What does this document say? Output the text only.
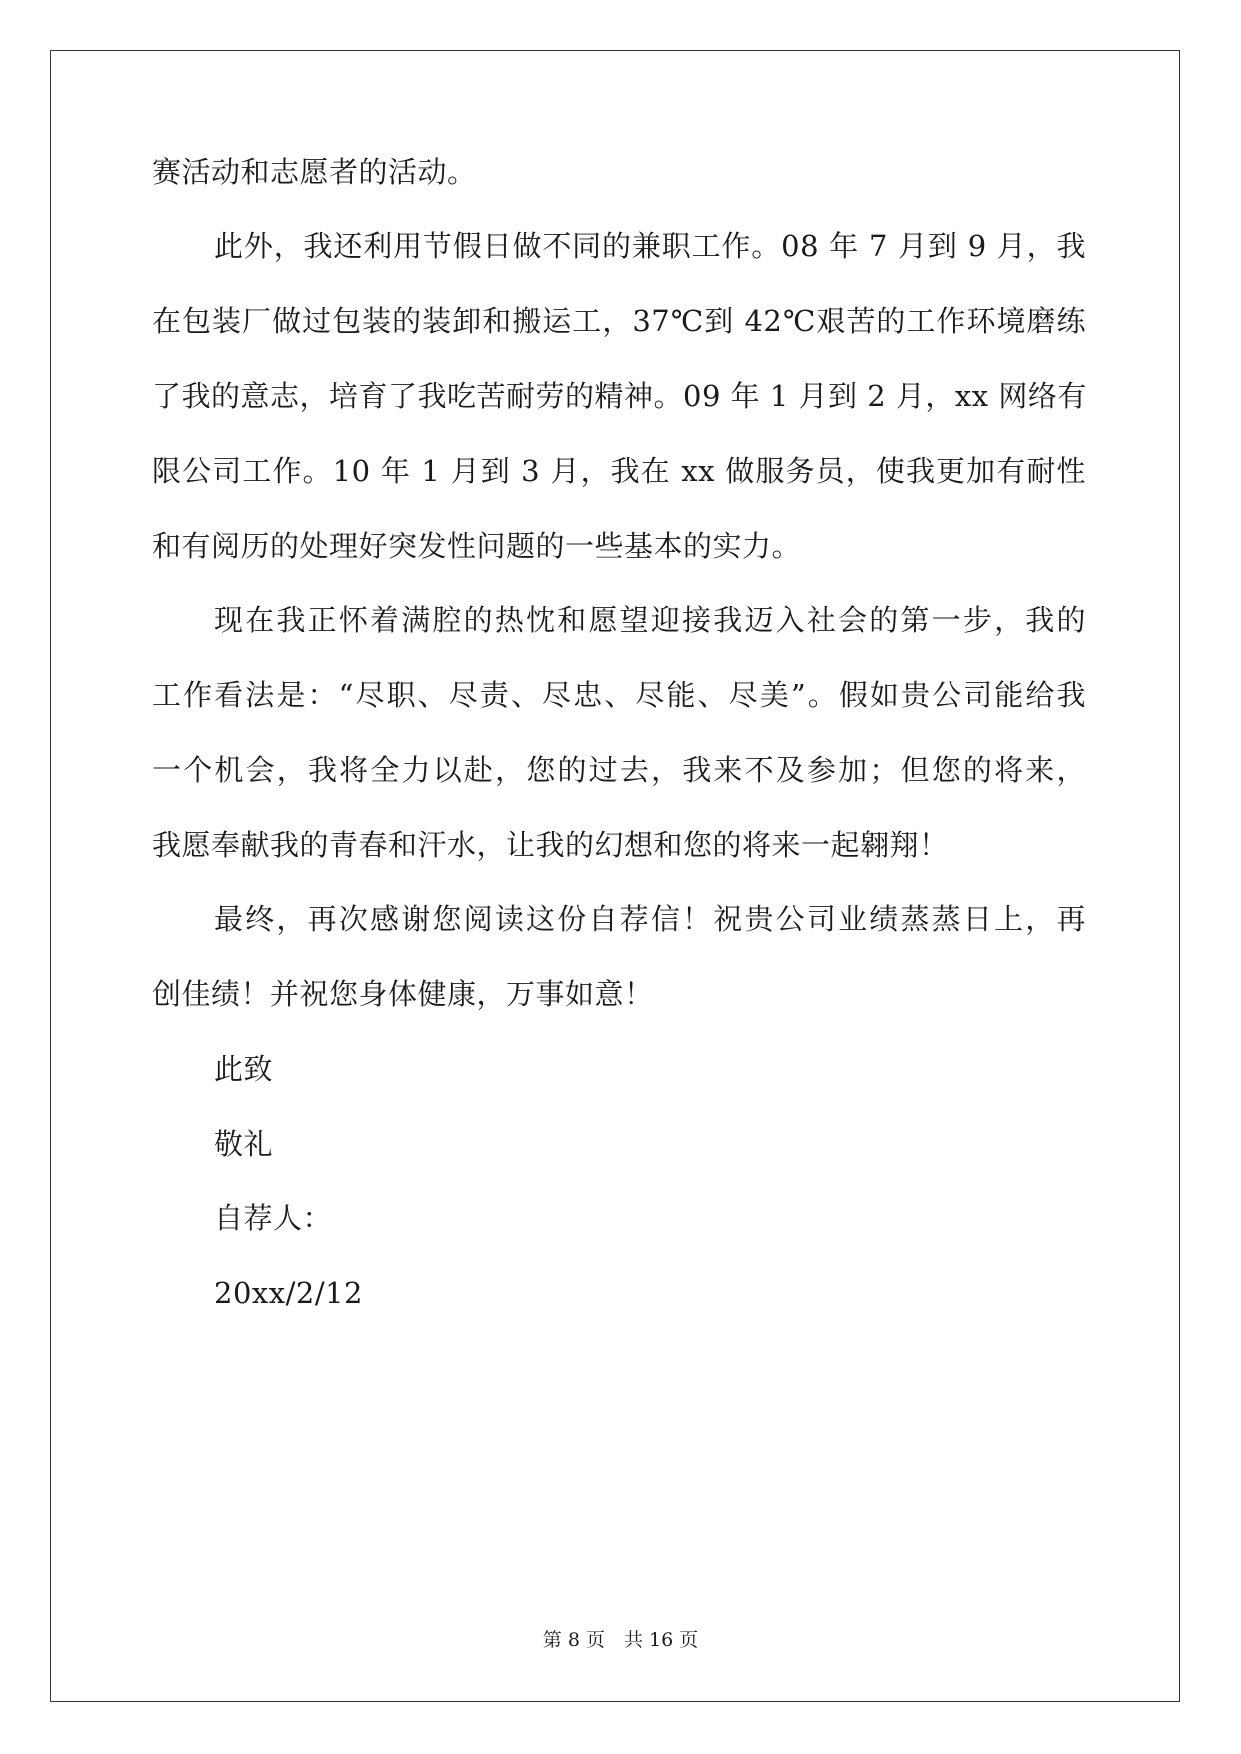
赛活动和志愿者的活动。
此外，我还利用节假日做不同的兼职工作。08 年 7 月到 9 月，我
在包装厂做过包装的装卸和搬运工，37℃到 42℃艰苦的工作环境磨练
了我的意志，培育了我吃苦耐劳的精神。09 年 1 月到 2 月，xx 网络有
限公司工作。10 年 1 月到 3 月，我在 xx 做服务员，使我更加有耐性
和有阅历的处理好突发性问题的一些基本的实力。
现在我正怀着满腔的热忱和愿望迎接我迈入社会的第一步，我的
工作看法是：“尽职、尽责、尽忠、尽能、尽美”。假如贵公司能给我
一个机会，我将全力以赴，您的过去，我来不及参加；但您的将来，
我愿奉献我的青春和汗水，让我的幻想和您的将来一起翱翔！
最终，再次感谢您阅读这份自荐信！祝贵公司业绩蒸蒸日上，再
创佳绩！并祝您身体健康，万事如意！
此致
敬礼
自荐人：
20xx/2/12
第 8 页　共 16 页
